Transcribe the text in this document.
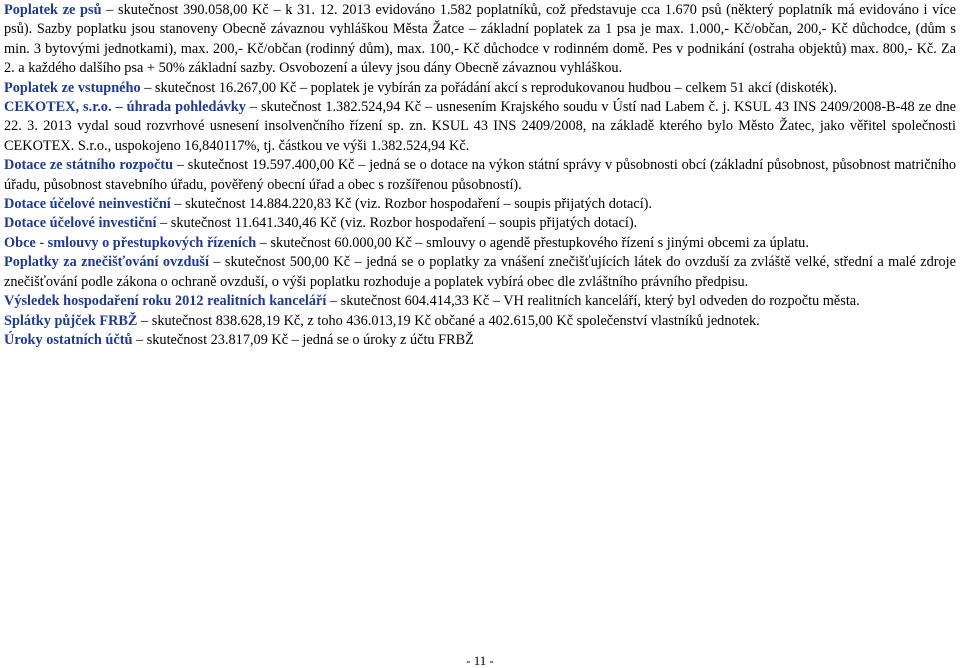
Poplatek ze psů – skutečnost 390.058,00 Kč – k 31. 12. 2013 evidováno 1.582 poplatníků, což představuje cca 1.670 psů (některý poplatník má evidováno i více psů). Sazby poplatku jsou stanoveny Obecně závaznou vyhláškou Města Žatce – základní poplatek za 1 psa je max. 1.000,- Kč/občan, 200,- Kč důchodce, (dům s min. 3 bytovými jednotkami), max. 200,- Kč/občan (rodinný dům), max. 100,- Kč důchodce v rodinném domě. Pes v podnikání (ostraha objektů) max. 800,- Kč. Za 2. a každého dalšího psa + 50% základní sazby. Osvobození a úlevy jsou dány Obecně závaznou vyhláškou.

Poplatek ze vstupného – skutečnost 16.267,00 Kč – poplatek je vybírán za pořádání akcí s reprodukovanou hudbou – celkem 51 akcí (diskoték).

CEKOTEX, s.r.o. – úhrada pohledávky – skutečnost 1.382.524,94 Kč – usnesením Krajského soudu v Ústí nad Labem č. j. KSUL 43 INS 2409/2008-B-48 ze dne 22. 3. 2013 vydal soud rozvrhové usnesení insolvenčního řízení sp. zn. KSUL 43 INS 2409/2008, na základě kterého bylo Město Žatec, jako věřitel společnosti CEKOTEX. S.r.o., uspokojeno 16,840117%, tj. částkou ve výši 1.382.524,94 Kč.

Dotace ze státního rozpočtu – skutečnost 19.597.400,00 Kč – jedná se o dotace na výkon státní správy v působnosti obcí (základní působnost, působnost matričního úřadu, působnost stavebního úřadu, pověřený obecní úřad a obec s rozšířenou působností).

Dotace účelové neinvestiční – skutečnost 14.884.220,83 Kč (viz. Rozbor hospodaření – soupis přijatých dotací).

Dotace účelové investiční – skutečnost 11.641.340,46 Kč (viz. Rozbor hospodaření – soupis přijatých dotací).

Obce - smlouvy o přestupkových řízeních – skutečnost 60.000,00 Kč – smlouvy o agendě přestupkového řízení s jinými obcemi za úplatu.

Poplatky za znečišťování ovzduší – skutečnost 500,00 Kč – jedná se o poplatky za vnášení znečišťujících látek do ovzduší za zvláště velké, střední a malé zdroje znečišťování podle zákona o ochraně ovzduší, o výši poplatku rozhoduje a poplatek vybírá obec dle zvláštního právního předpisu.

Výsledek hospodaření roku 2012 realitních kanceláří – skutečnost 604.414,33 Kč – VH realitních kanceláří, který byl odveden do rozpočtu města.

Splátky půjček FRBŽ – skutečnost 838.628,19 Kč, z toho 436.013,19 Kč občané a 402.615,00 Kč společenství vlastníků jednotek.

Úroky ostatních účtů – skutečnost 23.817,09 Kč – jedná se o úroky z účtu FRBŽ

- 11 -
